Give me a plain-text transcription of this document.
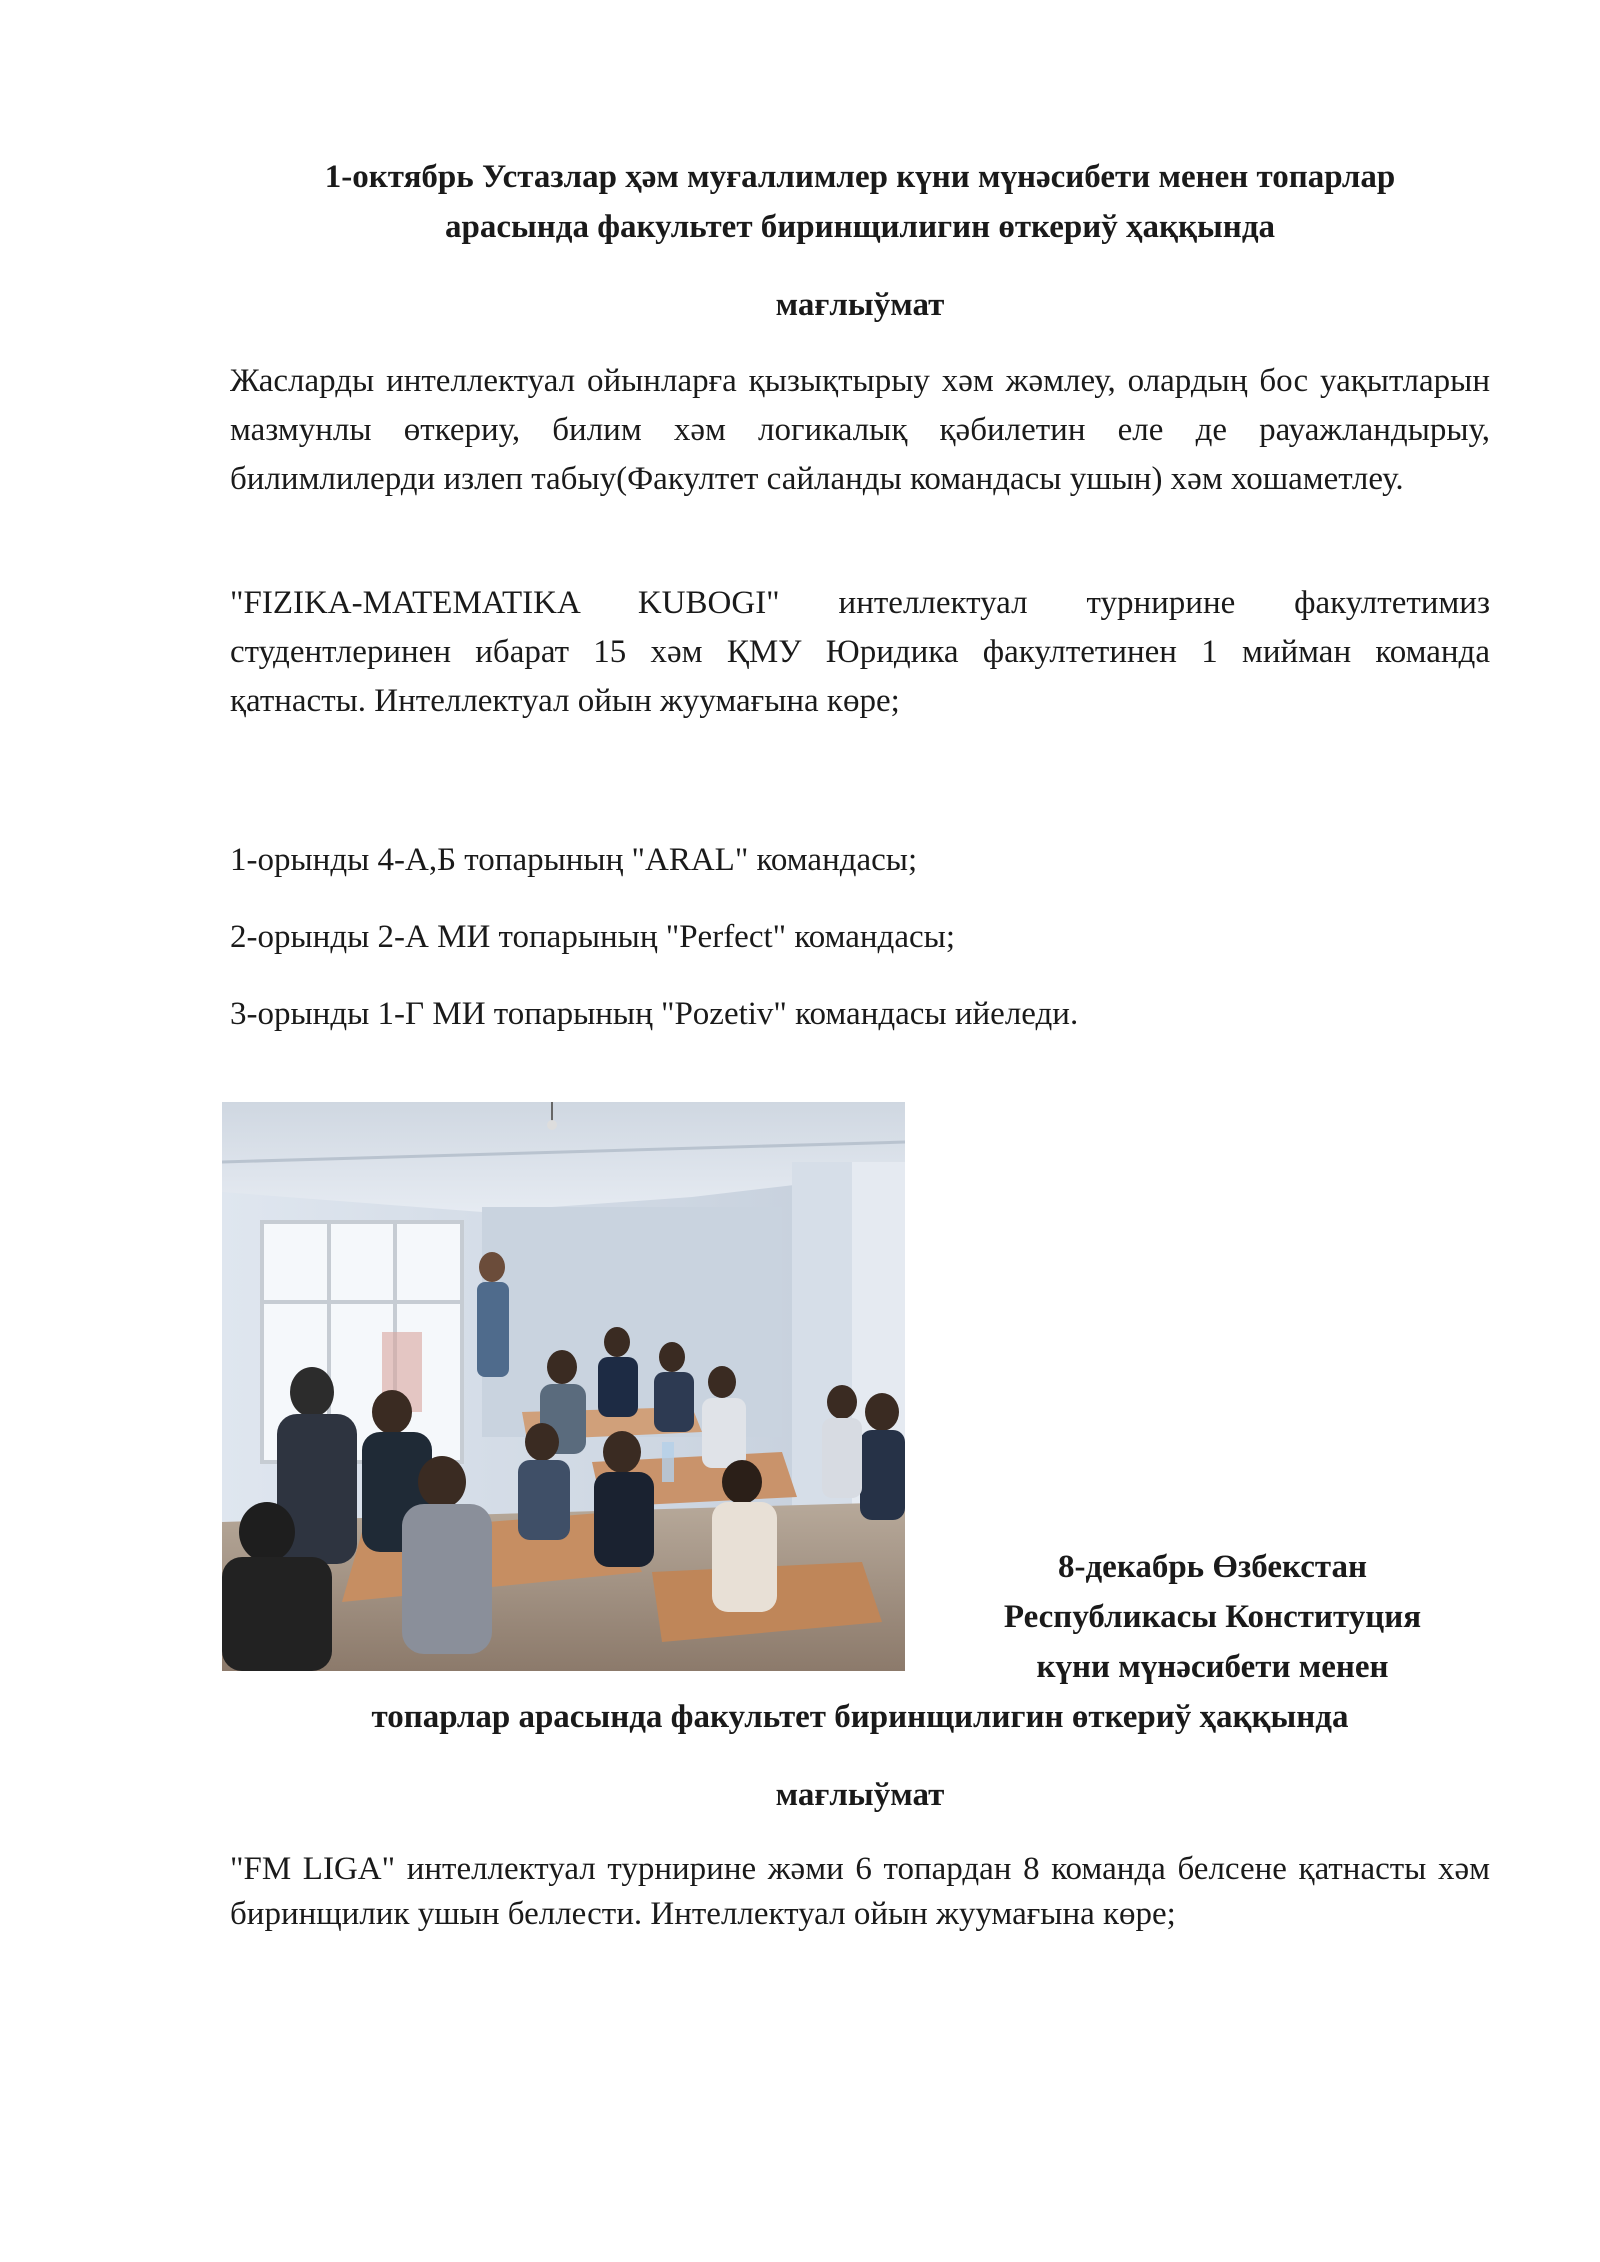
1-октябрь Устазлар ҳәм муғаллимлер күни мүнәсибети менен топарлар

арасында факультет биринщилигин өткериў ҳаққында

мағлыўмат

Жасларды интеллектуал ойынларға қызықтырыу хәм жәмлеу, олардың бос уақытларын мазмунлы өткериу, билим хәм логикалық қәбилетин еле де рауажландырыу, билимлилерди излеп табыу(Факултет сайланды командасы ушын) хәм хошаметлеу.

"FIZIKA-MATEMATIKA KUBOGI" интеллектуал турнирине факултетимиз студентлеринен ибарат 15 хәм ҚМУ Юридика факултетинен 1 мийман команда қатнасты. Интеллектуал ойын жуумағына көре;

1-орынды 4-А,Б топарының "ARAL" командасы;

2-орынды 2-А МИ топарының "Perfect" командасы;

3-орынды 1-Г МИ топарының "Pozetiv" командасы ийеледи.

8-декабрь Өзбекстан

Республикасы Конституция

күни мүнәсибети менен

топарлар арасында факультет биринщилигин өткериў ҳаққында

мағлыўмат

"FM LIGA" интеллектуал турнирине жәми 6 топардан 8 команда белсене қатнасты хәм биринщилик ушын беллести. Интеллектуал ойын жуумағына көре;
